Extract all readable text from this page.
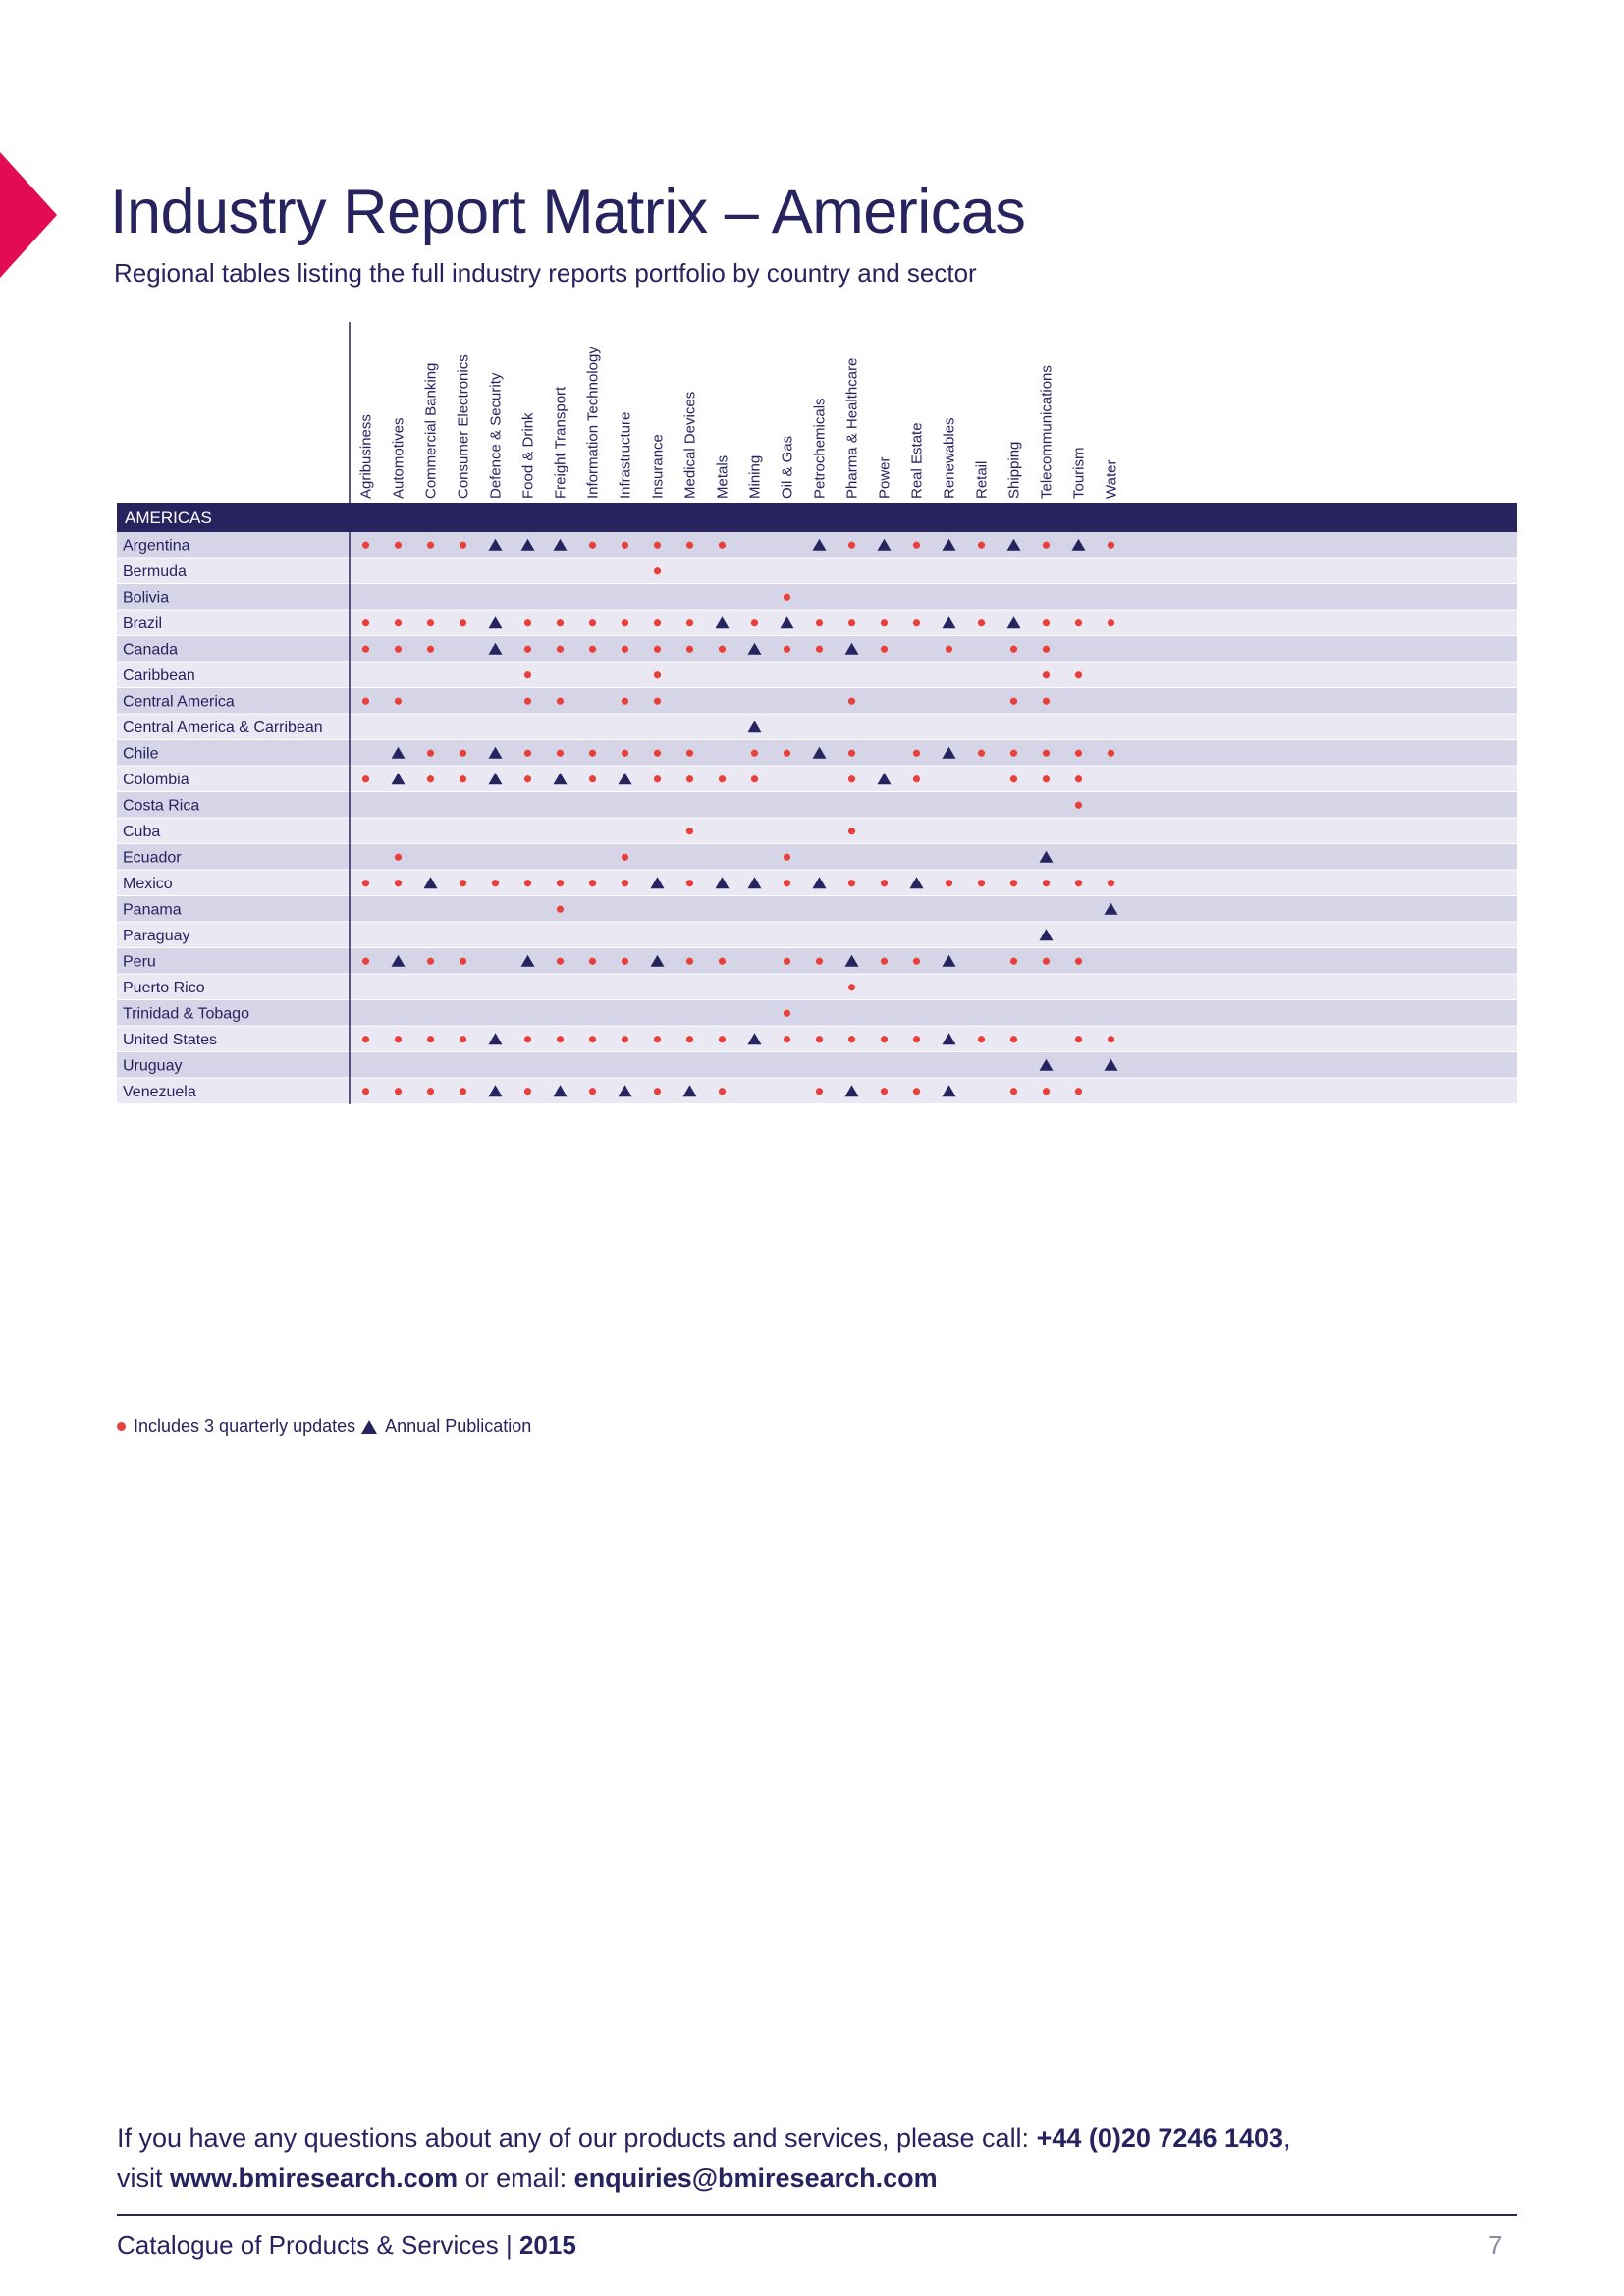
Industry Report Matrix – Americas

Regional tables listing the full industry reports portfolio by country and sector

AMERICAS
Agribusiness Automotives Commercial Banking Consumer Electronics Defence & Security Food & Drink Freight Transport Information Technology Infrastructure Insurance Medical Devices Metals Mining Oil & Gas Petrochemicals Pharma & Healthcare Power Real Estate Renewables Retail Shipping Telecommunications Tourism Water
Argentina
Bermuda
Bolivia
Brazil
Canada
Caribbean
Central America
Central America & Carribean
Chile
Colombia
Costa Rica
Cuba
Ecuador
Mexico
Panama
Paraguay
Peru
Puerto Rico
Trinidad & Tobago
United States
Uruguay
Venezuela
Includes 3 quarterly updates Annual Publication
If you have any questions about any of our products and services, please call: +44 (0)20 7246 1403,
visit www.bmiresearch.com or email: enquiries@bmiresearch.com
Catalogue of Products & Services | 2015	7
